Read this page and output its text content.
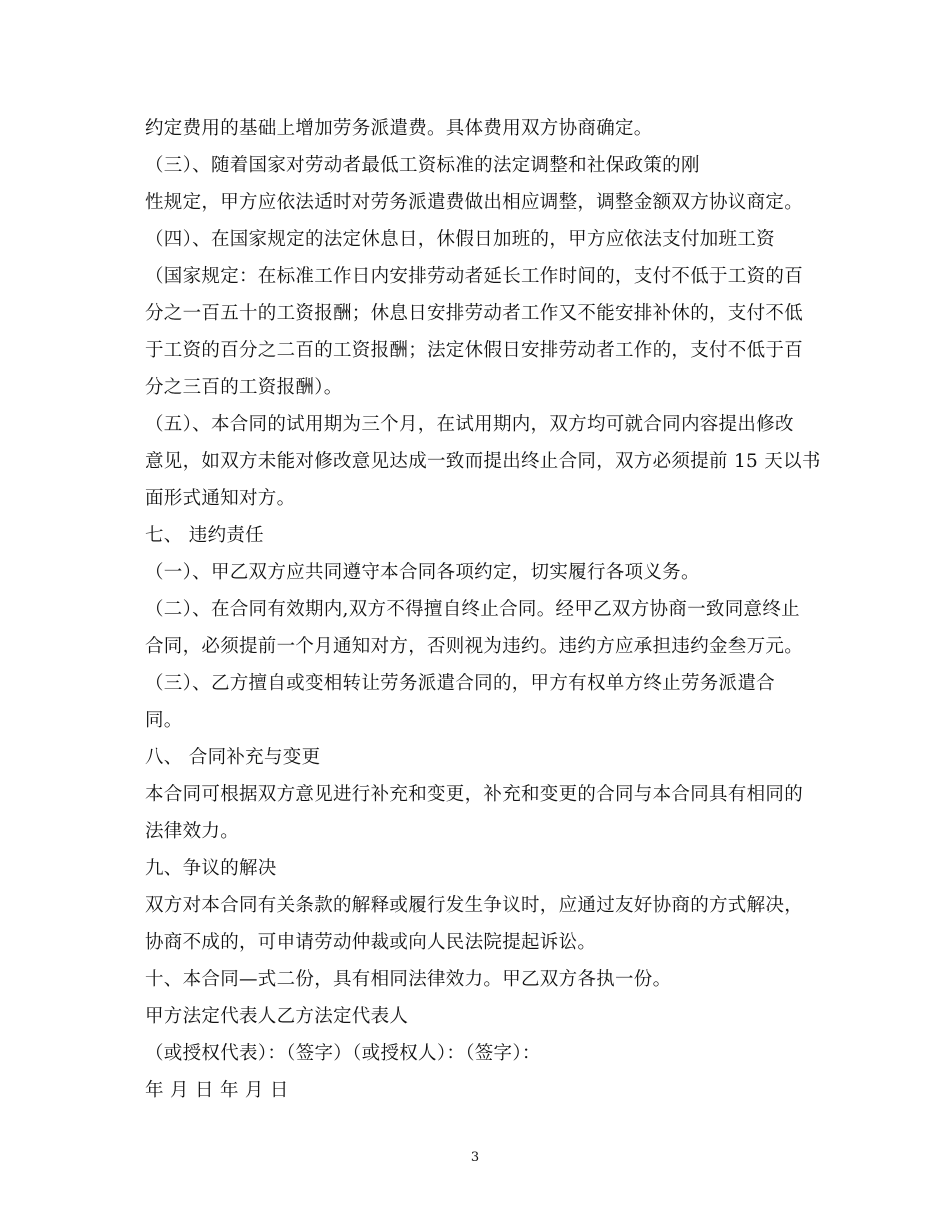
约定费用的基础上增加劳务派遣费。具体费用双方协商确定。
（三）、随着国家对劳动者最低工资标准的法定调整和社保政策的刚
性规定，甲方应依法适时对劳务派遣费做出相应调整，调整金额双方协议商定。
（四）、在国家规定的法定休息日，休假日加班的，甲方应依法支付加班工资
（国家规定：在标准工作日内安排劳动者延长工作时间的，支付不低于工资的百
分之一百五十的工资报酬；休息日安排劳动者工作又不能安排补休的，支付不低
于工资的百分之二百的工资报酬；法定休假日安排劳动者工作的，支付不低于百
分之三百的工资报酬）。
（五）、本合同的试用期为三个月，在试用期内，双方均可就合同内容提出修改
意见，如双方未能对修改意见达成一致而提出终止合同，双方必须提前 15 天以书
面形式通知对方。
七、 违约责任
（一）、甲乙双方应共同遵守本合同各项约定，切实履行各项义务。
（二）、在合同有效期内,双方不得擅自终止合同。经甲乙双方协商一致同意终止
合同，必须提前一个月通知对方，否则视为违约。违约方应承担违约金叁万元。
（三）、乙方擅自或变相转让劳务派遣合同的，甲方有权单方终止劳务派遣合
同。
八、 合同补充与变更
本合同可根据双方意见进行补充和变更，补充和变更的合同与本合同具有相同的
法律效力。
九、争议的解决
双方对本合同有关条款的解释或履行发生争议时，应通过友好协商的方式解决，
协商不成的，可申请劳动仲裁或向人民法院提起诉讼。
十、本合同—式二份，具有相同法律效力。甲乙双方各执一份。
甲方法定代表人乙方法定代表人
（或授权代表）：（签字）（或授权人）：（签字）：
年 月 日 年 月 日
3
